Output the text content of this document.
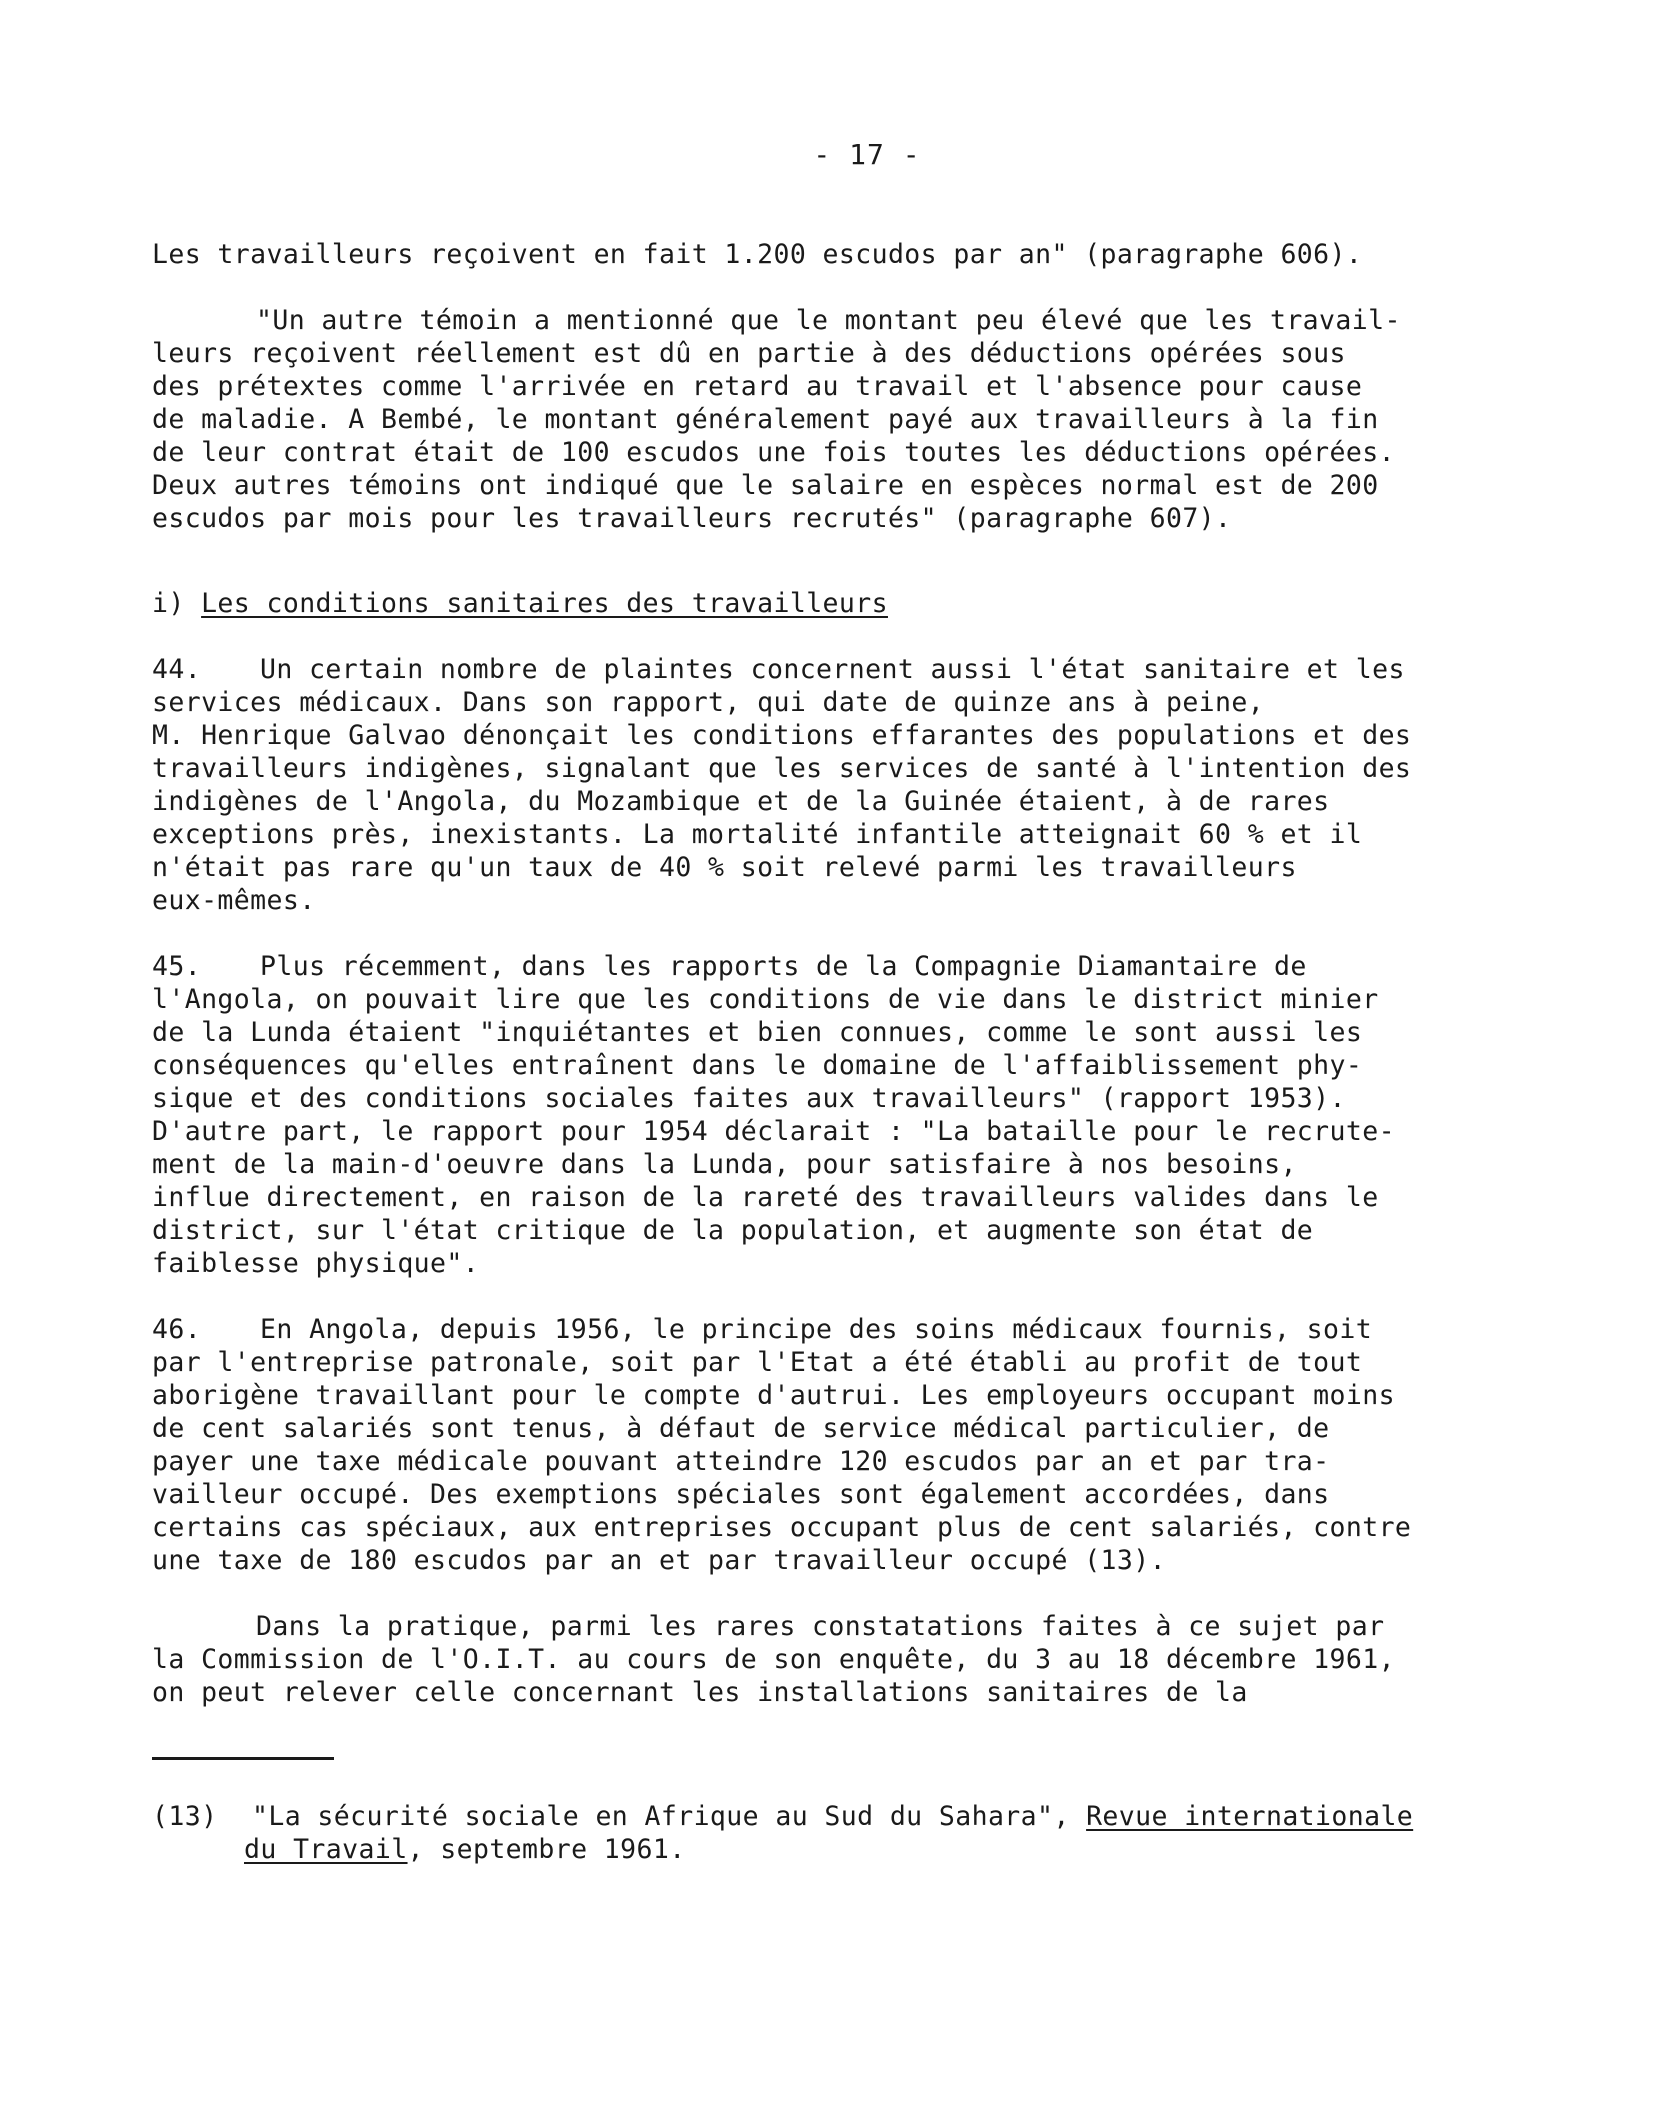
- 17 -
Les travailleurs reçoivent en fait 1.200 escudos par an" (paragraphe 606).
"Un autre témoin a mentionné que le montant peu élevé que les travail-
leurs reçoivent réellement est dû en partie à des déductions opérées sous
des prétextes comme l'arrivée en retard au travail et l'absence pour cause
de maladie. A Bembé, le montant généralement payé aux travailleurs à la fin
de leur contrat était de 100 escudos une fois toutes les déductions opérées.
Deux autres témoins ont indiqué que le salaire en espèces normal est de 200
escudos par mois pour les travailleurs recrutés" (paragraphe 607).
i) Les conditions sanitaires des travailleurs
44. Un certain nombre de plaintes concernent aussi l'état sanitaire et les
services médicaux. Dans son rapport, qui date de quinze ans à peine,
M. Henrique Galvao dénonçait les conditions effarantes des populations et des
travailleurs indigènes, signalant que les services de santé à l'intention des
indigènes de l'Angola, du Mozambique et de la Guinée étaient, à de rares
exceptions près, inexistants. La mortalité infantile atteignait 60 % et il
n'était pas rare qu'un taux de 40 % soit relevé parmi les travailleurs
eux-mêmes.
45. Plus récemment, dans les rapports de la Compagnie Diamantaire de
l'Angola, on pouvait lire que les conditions de vie dans le district minier
de la Lunda étaient "inquiétantes et bien connues, comme le sont aussi les
conséquences qu'elles entraînent dans le domaine de l'affaiblissement phy-
sique et des conditions sociales faites aux travailleurs" (rapport 1953).
D'autre part, le rapport pour 1954 déclarait : "La bataille pour le recrute-
ment de la main-d'oeuvre dans la Lunda, pour satisfaire à nos besoins,
influe directement, en raison de la rareté des travailleurs valides dans le
district, sur l'état critique de la population, et augmente son état de
faiblesse physique".
46. En Angola, depuis 1956, le principe des soins médicaux fournis, soit
par l'entreprise patronale, soit par l'Etat a été établi au profit de tout
aborigène travaillant pour le compte d'autrui. Les employeurs occupant moins
de cent salariés sont tenus, à défaut de service médical particulier, de
payer une taxe médicale pouvant atteindre 120 escudos par an et par tra-
vailleur occupé. Des exemptions spéciales sont également accordées, dans
certains cas spéciaux, aux entreprises occupant plus de cent salariés, contre
une taxe de 180 escudos par an et par travailleur occupé (13).
Dans la pratique, parmi les rares constatations faites à ce sujet par
la Commission de l'O.I.T. au cours de son enquête, du 3 au 18 décembre 1961,
on peut relever celle concernant les installations sanitaires de la
(13) "La sécurité sociale en Afrique au Sud du Sahara", Revue internationale
du Travail, septembre 1961.
